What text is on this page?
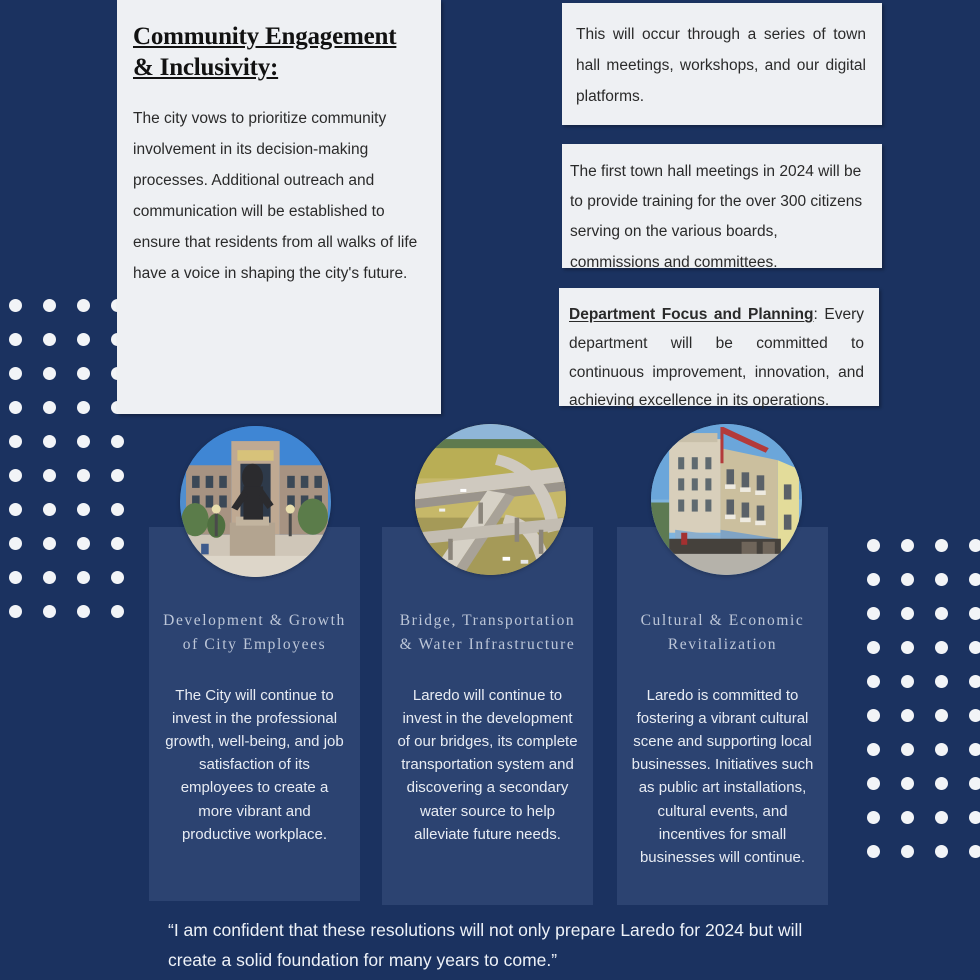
Community Engagement & Inclusivity:
The city vows to prioritize community involvement in its decision-making processes. Additional outreach and communication will be established to ensure that residents from all walks of life have a voice in shaping the city's future.
This will occur through a series of town hall meetings, workshops, and our digital platforms.
The first town hall meetings in 2024 will be to provide training for the over 300 citizens serving on the various boards, commissions and committees.
Department Focus and Planning: Every department will be committed to continuous improvement, innovation, and achieving excellence in its operations.
Development & Growth of City Employees
The City will continue to invest in the professional growth, well-being, and job satisfaction of its employees to create a more vibrant and productive workplace.
Bridge, Transportation & Water Infrastructure
Laredo will continue to invest in the development of our bridges, its complete transportation system and discovering a secondary water source to help alleviate future needs.
Cultural & Economic Revitalization
Laredo is committed to fostering a vibrant cultural scene and supporting local businesses. Initiatives such as public art installations, cultural events, and incentives for small businesses will continue.
“I am confident that these resolutions will not only prepare Laredo for 2024 but will create a solid foundation for many years to come.”
